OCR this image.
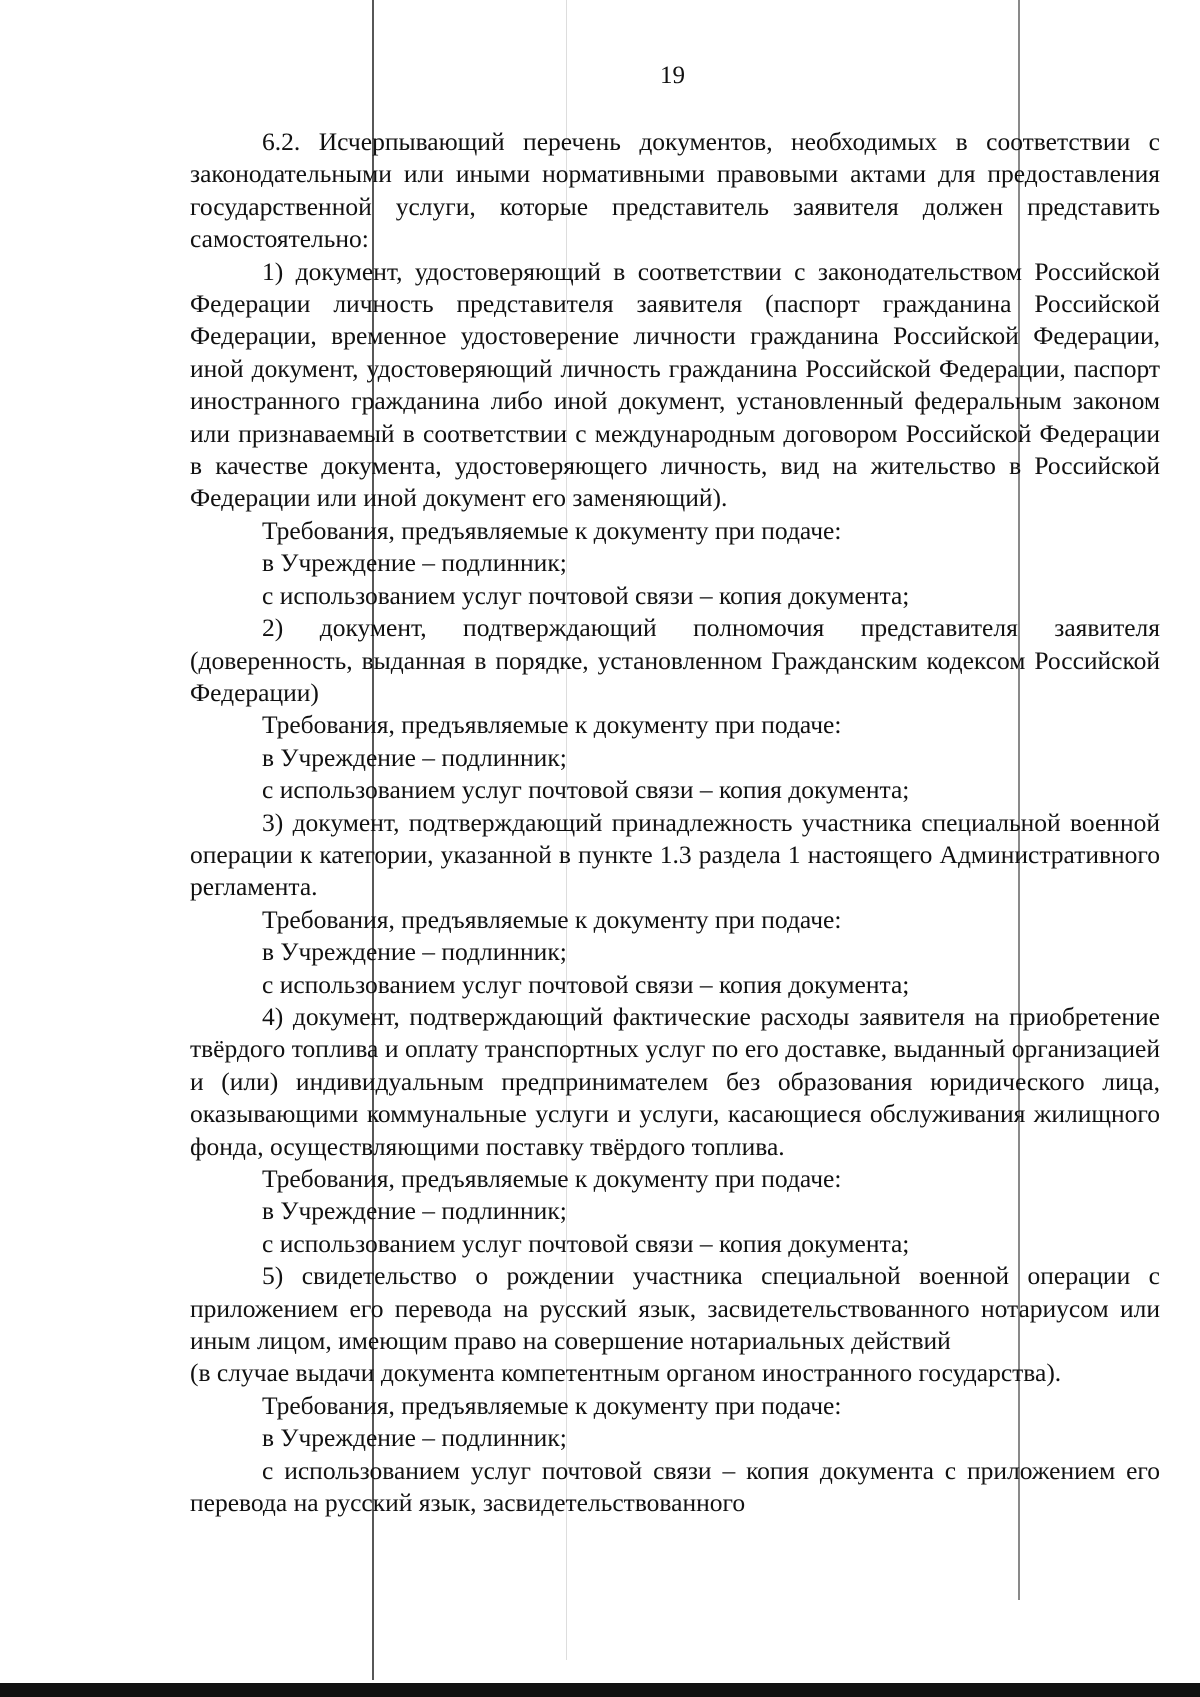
19

6.2. Исчерпывающий перечень документов, необходимых в соответствии с законодательными или иными нормативными правовыми актами для предоставления государственной услуги, которые представитель заявителя должен представить самостоятельно:

1) документ, удостоверяющий в соответствии с законодательством Российской Федерации личность представителя заявителя (паспорт гражданина Российской Федерации, временное удостоверение личности гражданина Российской Федерации, иной документ, удостоверяющий личность гражданина Российской Федерации, паспорт иностранного гражданина либо иной документ, установленный федеральным законом или признаваемый в соответствии с международным договором Российской Федерации в качестве документа, удостоверяющего личность, вид на жительство в Российской Федерации или иной документ его заменяющий).

Требования, предъявляемые к документу при подаче:

в Учреждение – подлинник;

с использованием услуг почтовой связи – копия документа;

2) документ, подтверждающий полномочия представителя заявителя (доверенность, выданная в порядке, установленном Гражданским кодексом Российской Федерации)

Требования, предъявляемые к документу при подаче:

в Учреждение – подлинник;

с использованием услуг почтовой связи – копия документа;

3) документ, подтверждающий принадлежность участника специальной военной операции к категории, указанной в пункте 1.3 раздела 1 настоящего Административного регламента.

Требования, предъявляемые к документу при подаче:

в Учреждение – подлинник;

с использованием услуг почтовой связи – копия документа;

4) документ, подтверждающий фактические расходы заявителя на приобретение твёрдого топлива и оплату транспортных услуг по его доставке, выданный организацией и (или) индивидуальным предпринимателем без образования юридического лица, оказывающими коммунальные услуги и услуги, касающиеся обслуживания жилищного фонда, осуществляющими поставку твёрдого топлива.

Требования, предъявляемые к документу при подаче:

в Учреждение – подлинник;

с использованием услуг почтовой связи – копия документа;

5) свидетельство о рождении участника специальной военной операции с приложением его перевода на русский язык, засвидетельствованного нотариусом или иным лицом, имеющим право на совершение нотариальных действий

(в случае выдачи документа компетентным органом иностранного государства).

Требования, предъявляемые к документу при подаче:

в Учреждение – подлинник;

с использованием услуг почтовой связи – копия документа с приложением его перевода на русский язык, засвидетельствованного
